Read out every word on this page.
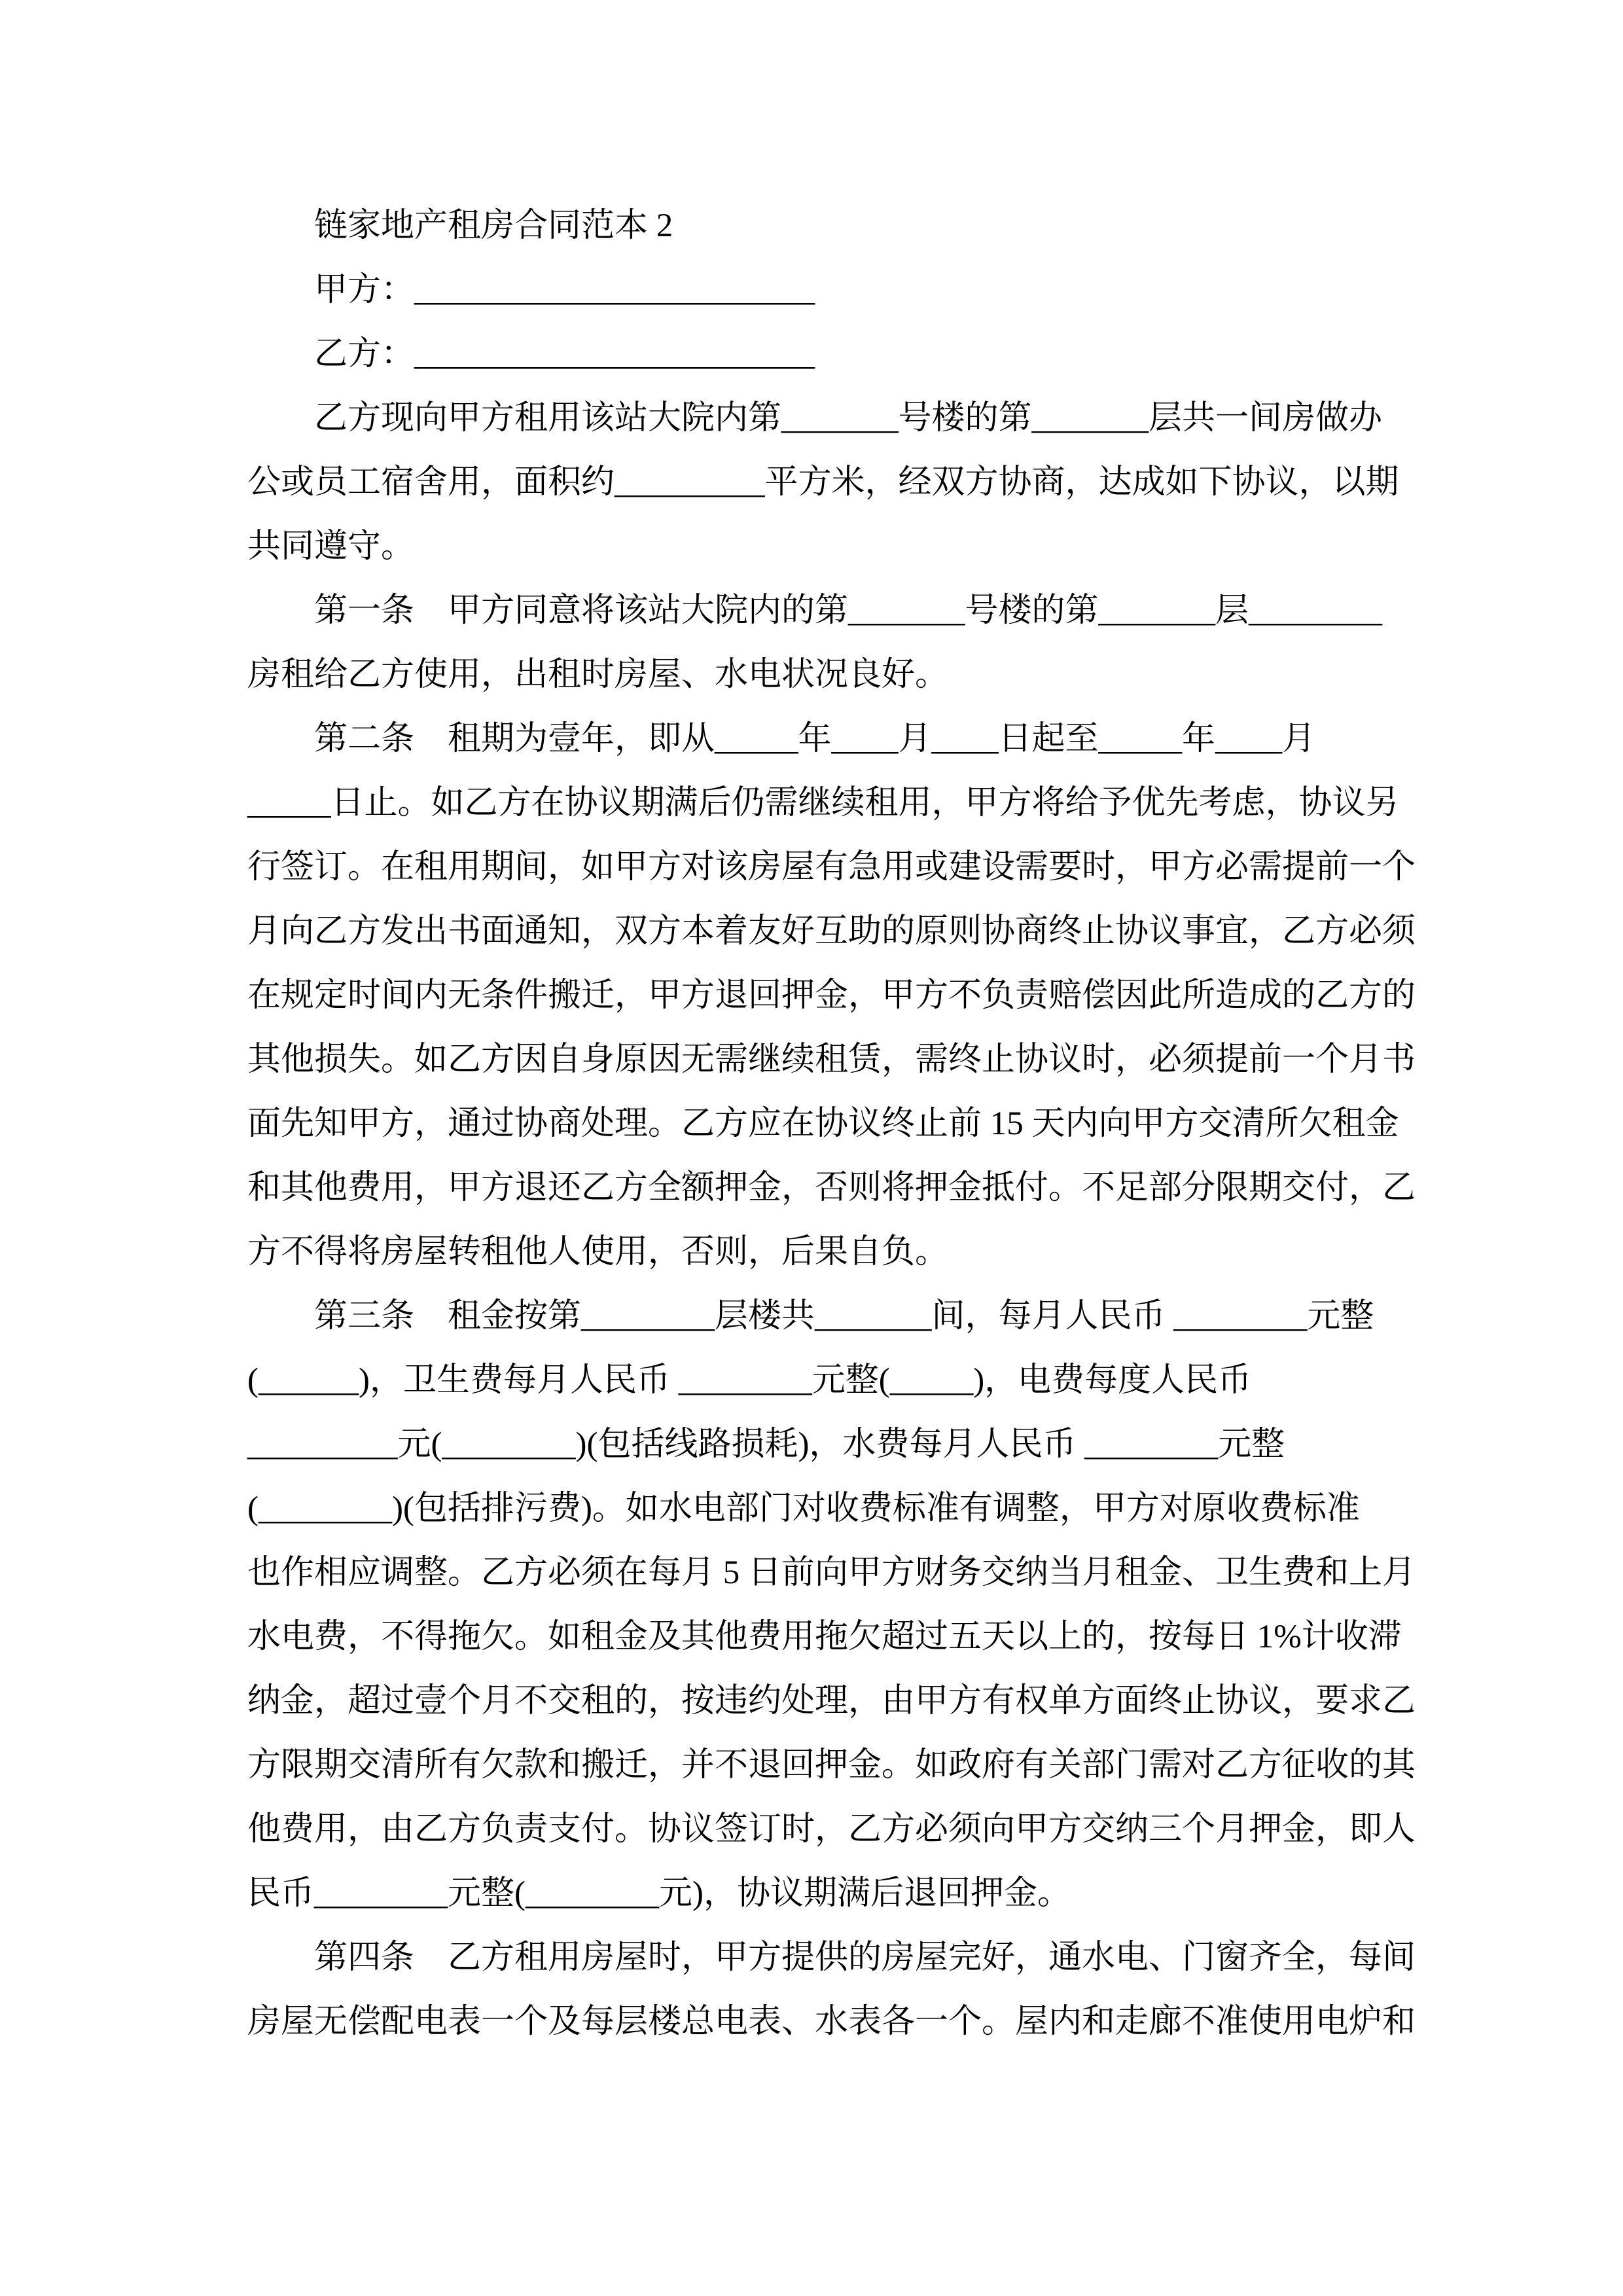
链家地产租房合同范本 2
甲方：________________________
乙方：________________________
乙方现向甲方租用该站大院内第_______号楼的第_______层共一间房做办
公或员工宿舍用，面积约_________平方米，经双方协商，达成如下协议，以期
共同遵守。
第一条　甲方同意将该站大院内的第_______号楼的第_______层________
房租给乙方使用，出租时房屋、水电状况良好。
第二条　租期为壹年，即从_____年____月____日起至_____年____月
_____日止。如乙方在协议期满后仍需继续租用，甲方将给予优先考虑，协议另
行签订。在租用期间，如甲方对该房屋有急用或建设需要时，甲方必需提前一个
月向乙方发出书面通知，双方本着友好互助的原则协商终止协议事宜，乙方必须
在规定时间内无条件搬迁，甲方退回押金，甲方不负责赔偿因此所造成的乙方的
其他损失。如乙方因自身原因无需继续租赁，需终止协议时，必须提前一个月书
面先知甲方，通过协商处理。乙方应在协议终止前 15 天内向甲方交清所欠租金
和其他费用，甲方退还乙方全额押金，否则将押金抵付。不足部分限期交付，乙
方不得将房屋转租他人使用，否则，后果自负。
第三条　租金按第________层楼共_______间，每月人民币 ________元整
(______)，卫生费每月人民币 ________元整(_____)，电费每度人民币
_________元(________)(包括线路损耗)，水费每月人民币 ________元整
(________)(包括排污费)。如水电部门对收费标准有调整，甲方对原收费标准
也作相应调整。乙方必须在每月 5 日前向甲方财务交纳当月租金、卫生费和上月
水电费，不得拖欠。如租金及其他费用拖欠超过五天以上的，按每日 1%计收滞
纳金，超过壹个月不交租的，按违约处理，由甲方有权单方面终止协议，要求乙
方限期交清所有欠款和搬迁，并不退回押金。如政府有关部门需对乙方征收的其
他费用，由乙方负责支付。协议签订时，乙方必须向甲方交纳三个月押金，即人
民币________元整(________元)，协议期满后退回押金。
第四条　乙方租用房屋时，甲方提供的房屋完好，通水电、门窗齐全，每间
房屋无偿配电表一个及每层楼总电表、水表各一个。屋内和走廊不准使用电炉和
